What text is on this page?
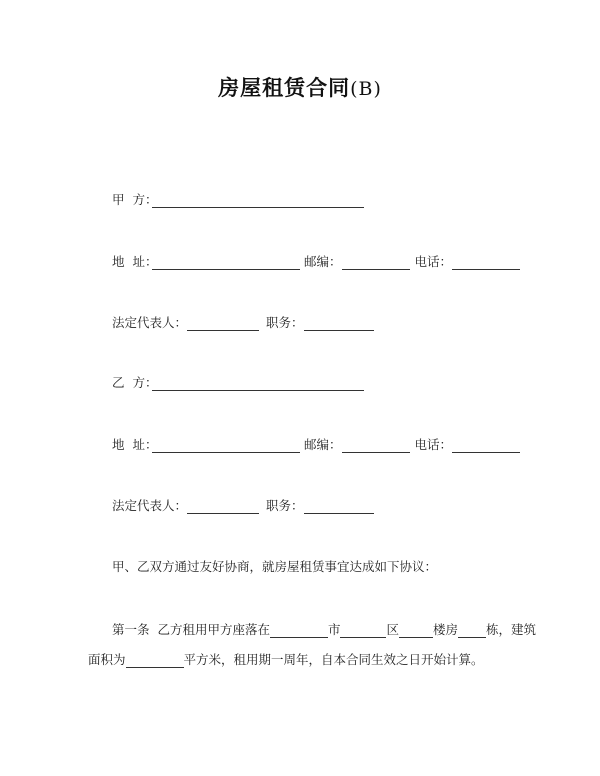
房屋租赁合同(B)
甲  方：
地  址：	邮编：	电话：
法定代表人：	职务：
乙  方：
地  址：	邮编：	电话：
法定代表人：	职务：
甲、乙双方通过友好协商，就房屋租赁事宜达成如下协议：
第一条  乙方租用甲方座落在	市	区	楼房 栋，建筑
面积为	平方米，租用期一周年，自本合同生效之日开始计算。
